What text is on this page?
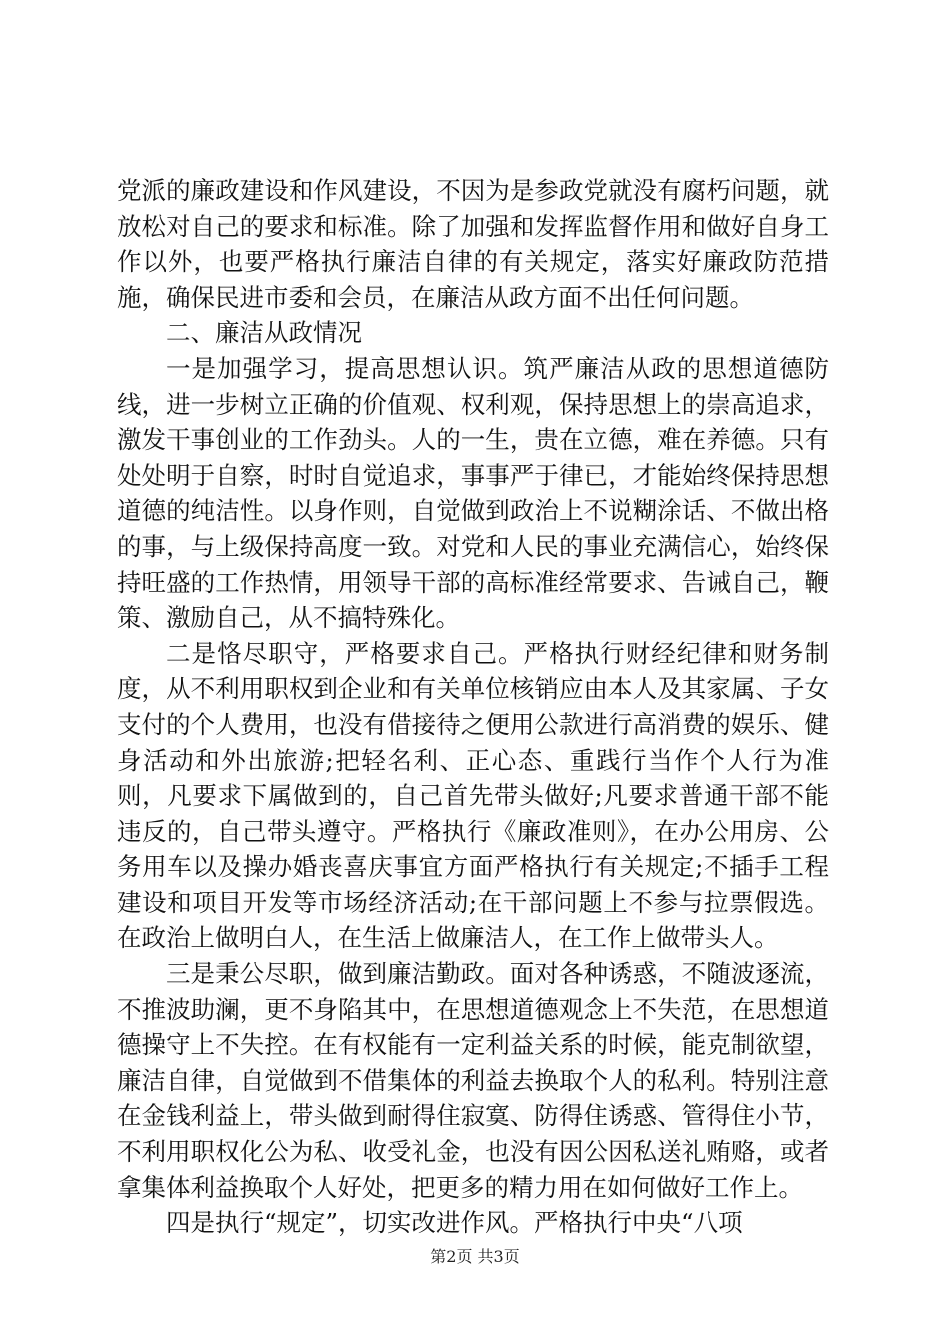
党派的廉政建设和作风建设，不因为是参政党就没有腐朽问题，就放松对自己的要求和标准。除了加强和发挥监督作用和做好自身工作以外，也要严格执行廉洁自律的有关规定，落实好廉政防范措施，确保民进市委和会员，在廉洁从政方面不出任何问题。

二、廉洁从政情况

一是加强学习，提高思想认识。筑严廉洁从政的思想道德防线，进一步树立正确的价值观、权利观，保持思想上的崇高追求，激发干事创业的工作劲头。人的一生，贵在立德，难在养德。只有处处明于自察，时时自觉追求，事事严于律已，才能始终保持思想道德的纯洁性。以身作则，自觉做到政治上不说糊涂话、不做出格的事，与上级保持高度一致。对党和人民的事业充满信心，始终保持旺盛的工作热情，用领导干部的高标准经常要求、告诫自己，鞭策、激励自己，从不搞特殊化。

二是恪尽职守，严格要求自己。严格执行财经纪律和财务制度，从不利用职权到企业和有关单位核销应由本人及其家属、子女支付的个人费用，也没有借接待之便用公款进行高消费的娱乐、健身活动和外出旅游;把轻名利、正心态、重践行当作个人行为准则，凡要求下属做到的，自己首先带头做好;凡要求普通干部不能违反的，自己带头遵守。严格执行《廉政准则》，在办公用房、公务用车以及操办婚丧喜庆事宜方面严格执行有关规定;不插手工程建设和项目开发等市场经济活动;在干部问题上不参与拉票假选。在政治上做明白人，在生活上做廉洁人，在工作上做带头人。

三是秉公尽职，做到廉洁勤政。面对各种诱惑，不随波逐流，不推波助澜，更不身陷其中，在思想道德观念上不失范，在思想道德操守上不失控。在有权能有一定利益关系的时候，能克制欲望，廉洁自律，自觉做到不借集体的利益去换取个人的私利。特别注意在金钱利益上，带头做到耐得住寂寞、防得住诱惑、管得住小节，不利用职权化公为私、收受礼金，也没有因公因私送礼贿赂，或者拿集体利益换取个人好处，把更多的精力用在如何做好工作上。

四是执行“规定”，切实改进作风。严格执行中央“八项

第2页 共3页
